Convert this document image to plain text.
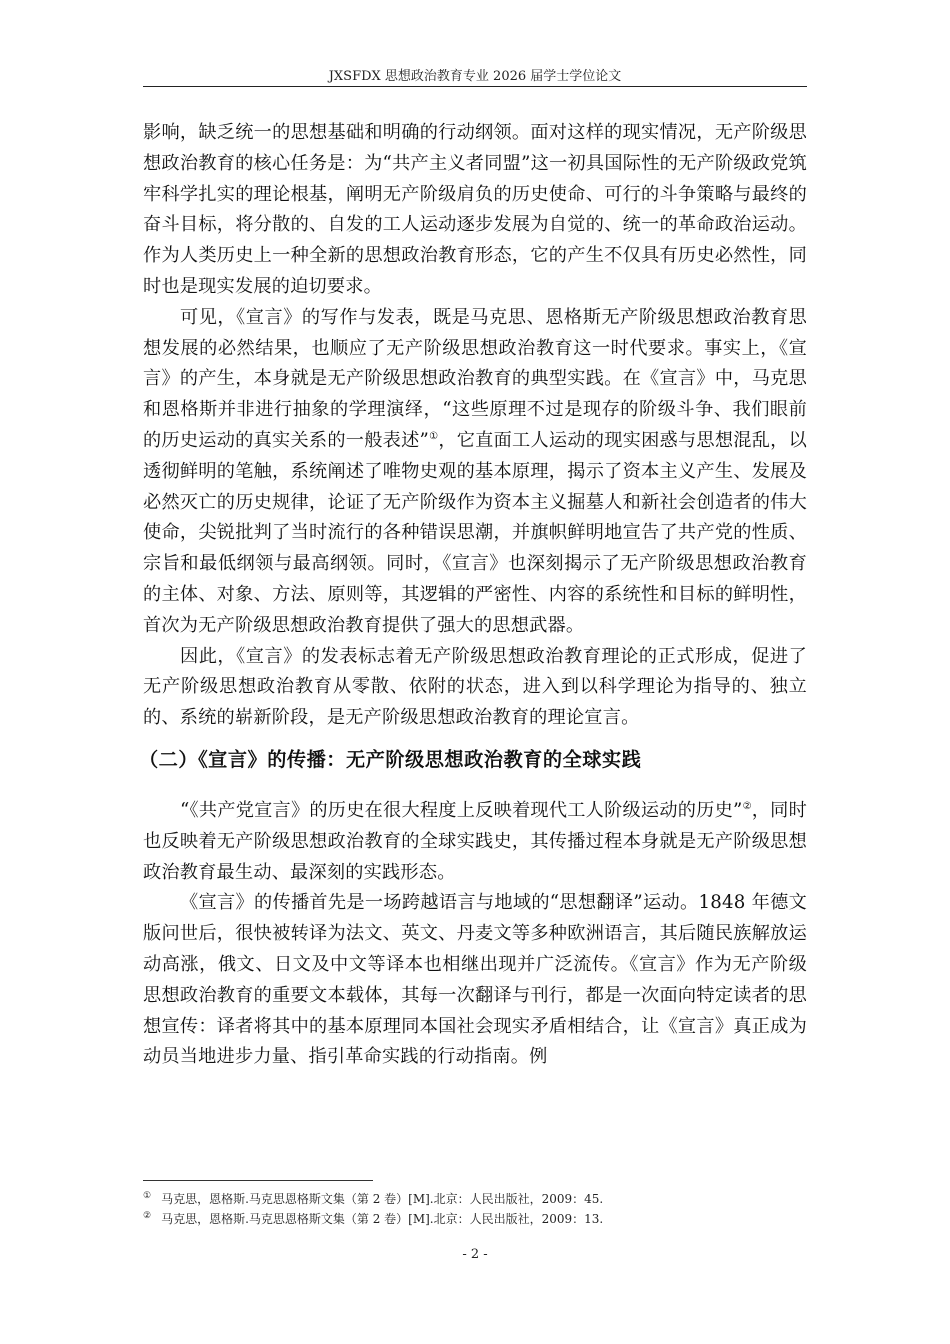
JXSFDX 思想政治教育专业 2026 届学士学位论文

影响，缺乏统一的思想基础和明确的行动纲领。面对这样的现实情况，无产阶级思想政治教育的核心任务是：为“共产主义者同盟”这一初具国际性的无产阶级政党筑牢科学扎实的理论根基，阐明无产阶级肩负的历史使命、可行的斗争策略与最终的奋斗目标，将分散的、自发的工人运动逐步发展为自觉的、统一的革命政治运动。作为人类历史上一种全新的思想政治教育形态，它的产生不仅具有历史必然性，同时也是现实发展的迫切要求。

可见，《宣言》的写作与发表，既是马克思、恩格斯无产阶级思想政治教育思想发展的必然结果，也顺应了无产阶级思想政治教育这一时代要求。事实上，《宣言》的产生，本身就是无产阶级思想政治教育的典型实践。在《宣言》中，马克思和恩格斯并非进行抽象的学理演绎，“这些原理不过是现存的阶级斗争、我们眼前的历史运动的真实关系的一般表述”①，它直面工人运动的现实困惑与思想混乱，以透彻鲜明的笔触，系统阐述了唯物史观的基本原理，揭示了资本主义产生、发展及必然灭亡的历史规律，论证了无产阶级作为资本主义掘墓人和新社会创造者的伟大使命，尖锐批判了当时流行的各种错误思潮，并旗帜鲜明地宣告了共产党的性质、宗旨和最低纲领与最高纲领。同时，《宣言》也深刻揭示了无产阶级思想政治教育的主体、对象、方法、原则等，其逻辑的严密性、内容的系统性和目标的鲜明性，首次为无产阶级思想政治教育提供了强大的思想武器。

因此，《宣言》的发表标志着无产阶级思想政治教育理论的正式形成，促进了无产阶级思想政治教育从零散、依附的状态，进入到以科学理论为指导的、独立的、系统的崭新阶段，是无产阶级思想政治教育的理论宣言。

（二）《宣言》的传播：无产阶级思想政治教育的全球实践

“《共产党宣言》的历史在很大程度上反映着现代工人阶级运动的历史”②，同时也反映着无产阶级思想政治教育的全球实践史，其传播过程本身就是无产阶级思想政治教育最生动、最深刻的实践形态。

《宣言》的传播首先是一场跨越语言与地域的“思想翻译”运动。1848 年德文版问世后，很快被转译为法文、英文、丹麦文等多种欧洲语言，其后随民族解放运动高涨，俄文、日文及中文等译本也相继出现并广泛流传。《宣言》作为无产阶级思想政治教育的重要文本载体，其每一次翻译与刊行，都是一次面向特定读者的思想宣传：译者将其中的基本原理同本国社会现实矛盾相结合，让《宣言》真正成为动员当地进步力量、指引革命实践的行动指南。例

① 马克思，恩格斯.马克思恩格斯文集（第 2 卷）[M].北京：人民出版社，2009：45.
② 马克思，恩格斯.马克思恩格斯文集（第 2 卷）[M].北京：人民出版社，2009：13.
- 2 -
